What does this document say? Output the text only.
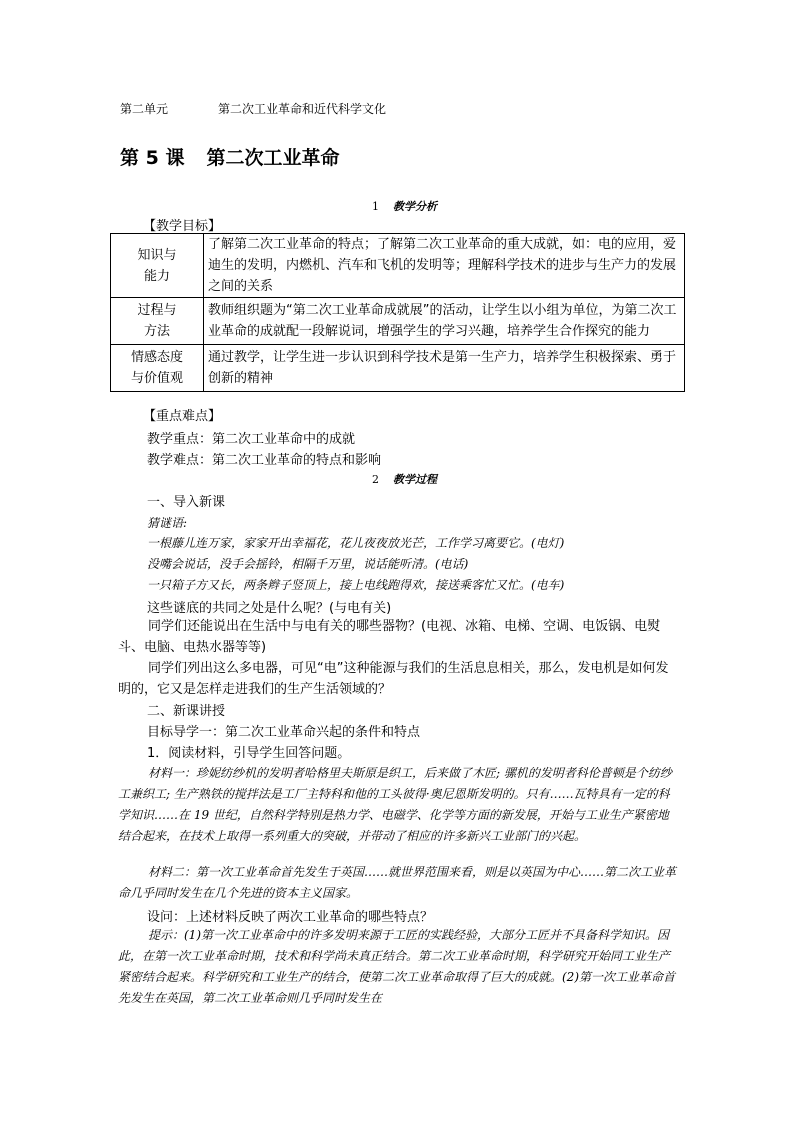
第二单元	第二次工业革命和近代科学文化
第 5 课 第二次工业革命
1 教学分析
【教学目标】
知识与
能力	了解第二次工业革命的特点；了解第二次工业革命的重大成就，如：电的应用，爱迪生的发明，内燃机、汽车和飞机的发明等；理解科学技术的进步与生产力的发展之间的关系

过程与
方法	教师组织题为“第二次工业革命成就展”的活动，让学生以小组为单位，为第二次工业革命的成就配一段解说词，增强学生的学习兴趣，培养学生合作探究的能力

情感态度
与价值观	通过教学，让学生进一步认识到科学技术是第一生产力，培养学生积极探索、勇于创新的精神
【重点难点】
教学重点：第二次工业革命中的成就
教学难点：第二次工业革命的特点和影响
2 教学过程
一、导入新课
猜谜语:
一根藤儿连万家，家家开出幸福花，花儿夜夜放光芒，工作学习离要它。(电灯)
没嘴会说话，没手会摇铃，相隔千万里，说话能听清。(电话)
一只箱子方又长，两条辫子竖顶上，接上电线跑得欢，接送乘客忙又忙。(电车)
这些谜底的共同之处是什么呢？(与电有关)
同学们还能说出在生活中与电有关的哪些器物？(电视、冰箱、电梯、空调、电饭锅、电熨斗、电脑、电热水器等等)
同学们列出这么多电器，可见“电”这种能源与我们的生活息息相关，那么，发电机是如何发明的，它又是怎样走进我们的生产生活领域的？
二、新课讲授
目标导学一：第二次工业革命兴起的条件和特点
1．阅读材料，引导学生回答问题。
材料一：珍妮纺纱机的发明者哈格里夫斯原是织工，后来做了木匠; 骡机的发明者科伦普顿是个纺纱工兼织工; 生产熟铁的搅拌法是工厂主特科和他的工头彼得·奥尼恩斯发明的。只有……瓦特具有一定的科学知识……在 19 世纪，自然科学特别是热力学、电磁学、化学等方面的新发展，开始与工业生产紧密地结合起来，在技术上取得一系列重大的突破，并带动了相应的许多新兴工业部门的兴起。
材料二：第一次工业革命首先发生于英国……就世界范围来看，则是以英国为中心……第二次工业革命几乎同时发生在几个先进的资本主义国家。
设问：上述材料反映了两次工业革命的哪些特点？
提示：(1)第一次工业革命中的许多发明来源于工匠的实践经验，大部分工匠并不具备科学知识。因此，在第一次工业革命时期，技术和科学尚未真正结合。第二次工业革命时期，科学研究开始同工业生产紧密结合起来。科学研究和工业生产的结合，使第二次工业革命取得了巨大的成就。(2)第一次工业革命首先发生在英国，第二次工业革命则几乎同时发生在
